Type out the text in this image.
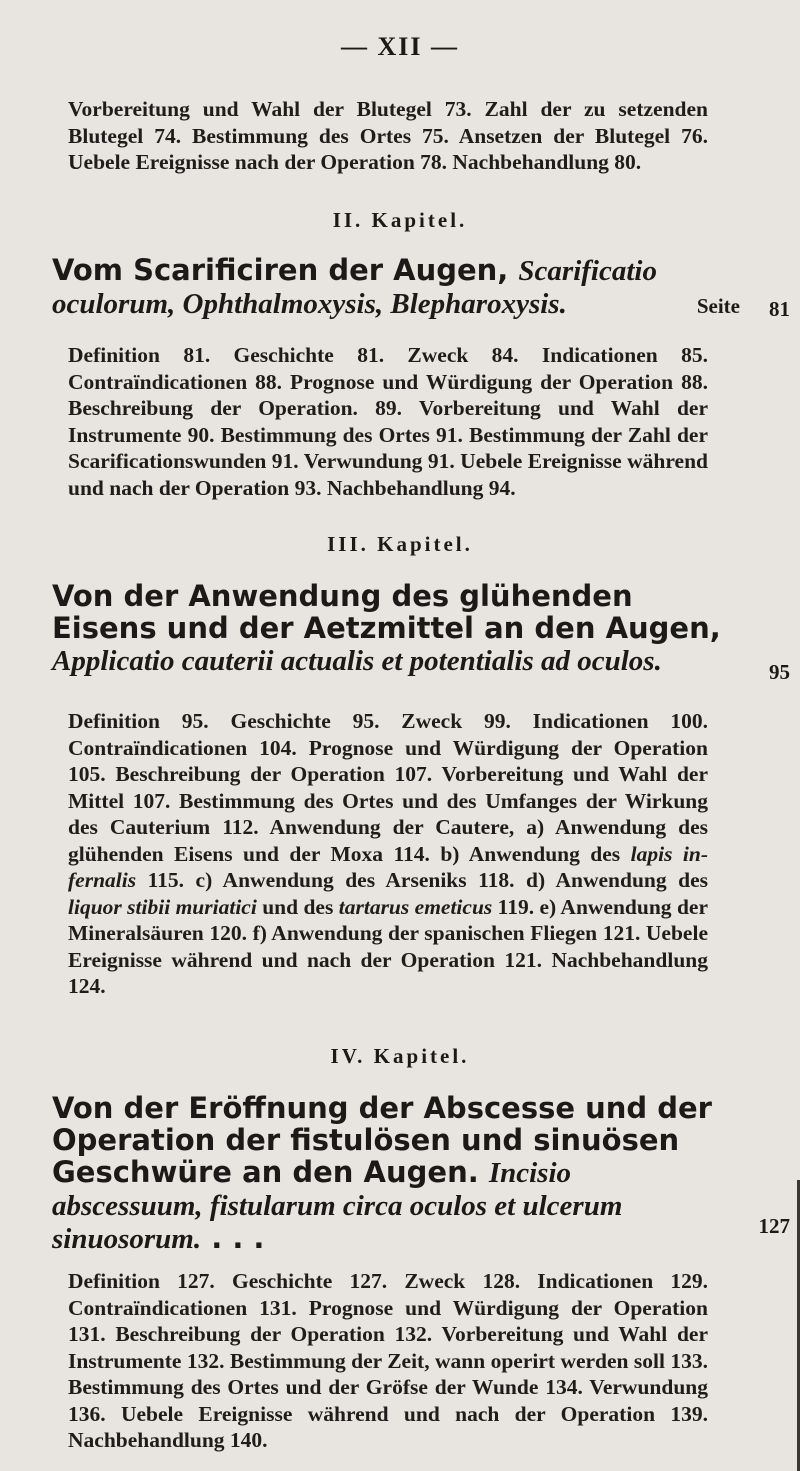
— XII —
Vorbereitung und Wahl der Blutegel 73. Zahl der zu setzenden Blutegel 74. Bestimmung des Ortes 75. Ansetzen der Blutegel 76. Uebele Ereignisse nach der Operation 78. Nachbehandlung 80.
II. Kapitel.
Vom Scarificiren der Augen, Scarificatio oculorum, Ophthalmoxysis, Blepharoxysis.	Seite 81
Definition 81. Geschichte 81. Zweck 84. Indicationen 85. Contraïndicationen 88. Prognose und Würdigung der Operation 88. Beschreibung der Operation. 89. Vorbereitung und Wahl der Instrumente 90. Bestimmung des Ortes 91. Bestimmung der Zahl der Scarificationswunden 91. Verwundung 91. Uebele Ereignisse während und nach der Operation 93. Nachbehandlung 94.
III. Kapitel.
Von der Anwendung des glühenden Eisens und der Aetzmittel an den Augen, Applicatio cauterii actualis et potentialis ad oculos.	95
Definition 95. Geschichte 95. Zweck 99. Indicationen 100. Contraïndicationen 104. Prognose und Würdigung der Operation 105. Beschreibung der Operation 107. Vorbereitung und Wahl der Mittel 107. Bestimmung des Ortes und des Umfanges der Wirkung des Cauterium 112. Anwendung der Cautere, a) Anwendung des glühenden Eisens und der Moxa 114. b) Anwendung des lapis infernalis 115. c) Anwendung des Arseniks 118. d) Anwendung des liquor stibii muriatici und des tartarus emeticus 119. e) Anwendung der Mineralsäuren 120. f) Anwendung der spanischen Fliegen 121. Uebele Ereignisse während und nach der Operation 121. Nachbehandlung 124.
IV. Kapitel.
Von der Eröffnung der Abscesse und der Operation der fistulösen und sinuösen Geschwüre an den Augen. Incisio abscessuum, fistularum circa oculos et ulcerum sinuosorum. . . .	127
Definition 127. Geschichte 127. Zweck 128. Indicationen 129. Contraïndicationen 131. Prognose und Würdigung der Operation 131. Beschreibung der Operation 132. Vorbereitung und Wahl der Instrumente 132. Bestimmung der Zeit, wann operirt werden soll 133. Bestimmung des Ortes und der Gröfse der Wunde 134. Verwundung 136. Uebele Ereignisse während und nach der Operation 139. Nachbehandlung 140.
